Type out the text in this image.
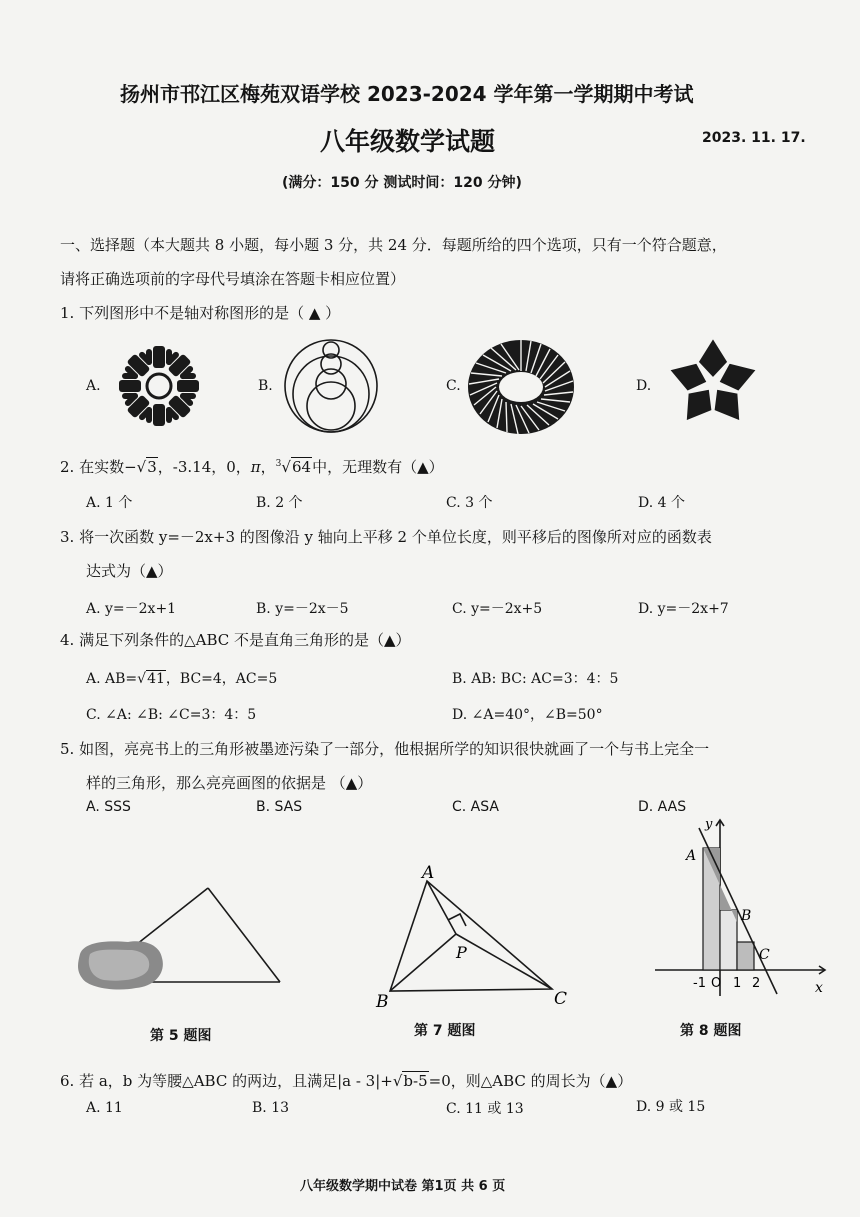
扬州市邗江区梅苑双语学校 2023-2024 学年第一学期期中考试
八年级数学试题	2023. 11. 17.
(满分：150 分 测试时间：120 分钟)
一、选择题（本大题共 8 小题，每小题 3 分，共 24 分．每题所给的四个选项，只有一个符合题意，
请将正确选项前的字母代号填涂在答题卡相应位置）
1. 下列图形中不是轴对称图形的是（ ▲ ）
A.	B.	C.	D.
2. 在实数−√3，-3.14，0，π，$^3$√64中，无理数有（▲）
A. 1 个	B. 2 个	C. 3 个	D. 4 个
3. 将一次函数 y=－2x+3 的图像沿 y 轴向上平移 2 个单位长度，则平移后的图像所对应的函数表
达式为（▲）
A. y=－2x+1	B. y=－2x－5	C. y=－2x+5	D. y=－2x+7
4. 满足下列条件的△ABC 不是直角三角形的是（▲）
A. AB=√41，BC=4，AC=5	B. AB: BC: AC=3：4：5
C. ∠A: ∠B: ∠C=3：4：5	D. ∠A=40°，∠B=50°
5. 如图，亮亮书上的三角形被墨迹污染了一部分，他根据所学的知识很快就画了一个与书上完全一
样的三角形，那么亮亮画图的依据是 （▲）
A. SSS	B. SAS	C. ASA	D. AAS
第 5 题图
A
B	C
P
第 7 题图
y
x
A
B
C
-1 O 1 2
第 8 题图
6. 若 a，b 为等腰△ABC 的两边，且满足|a - 3|+√b-5=0，则△ABC 的周长为（▲）
A. 11	B. 13	C. 11 或 13	D. 9 或 15
八年级数学期中试卷 第1页 共 6 页
